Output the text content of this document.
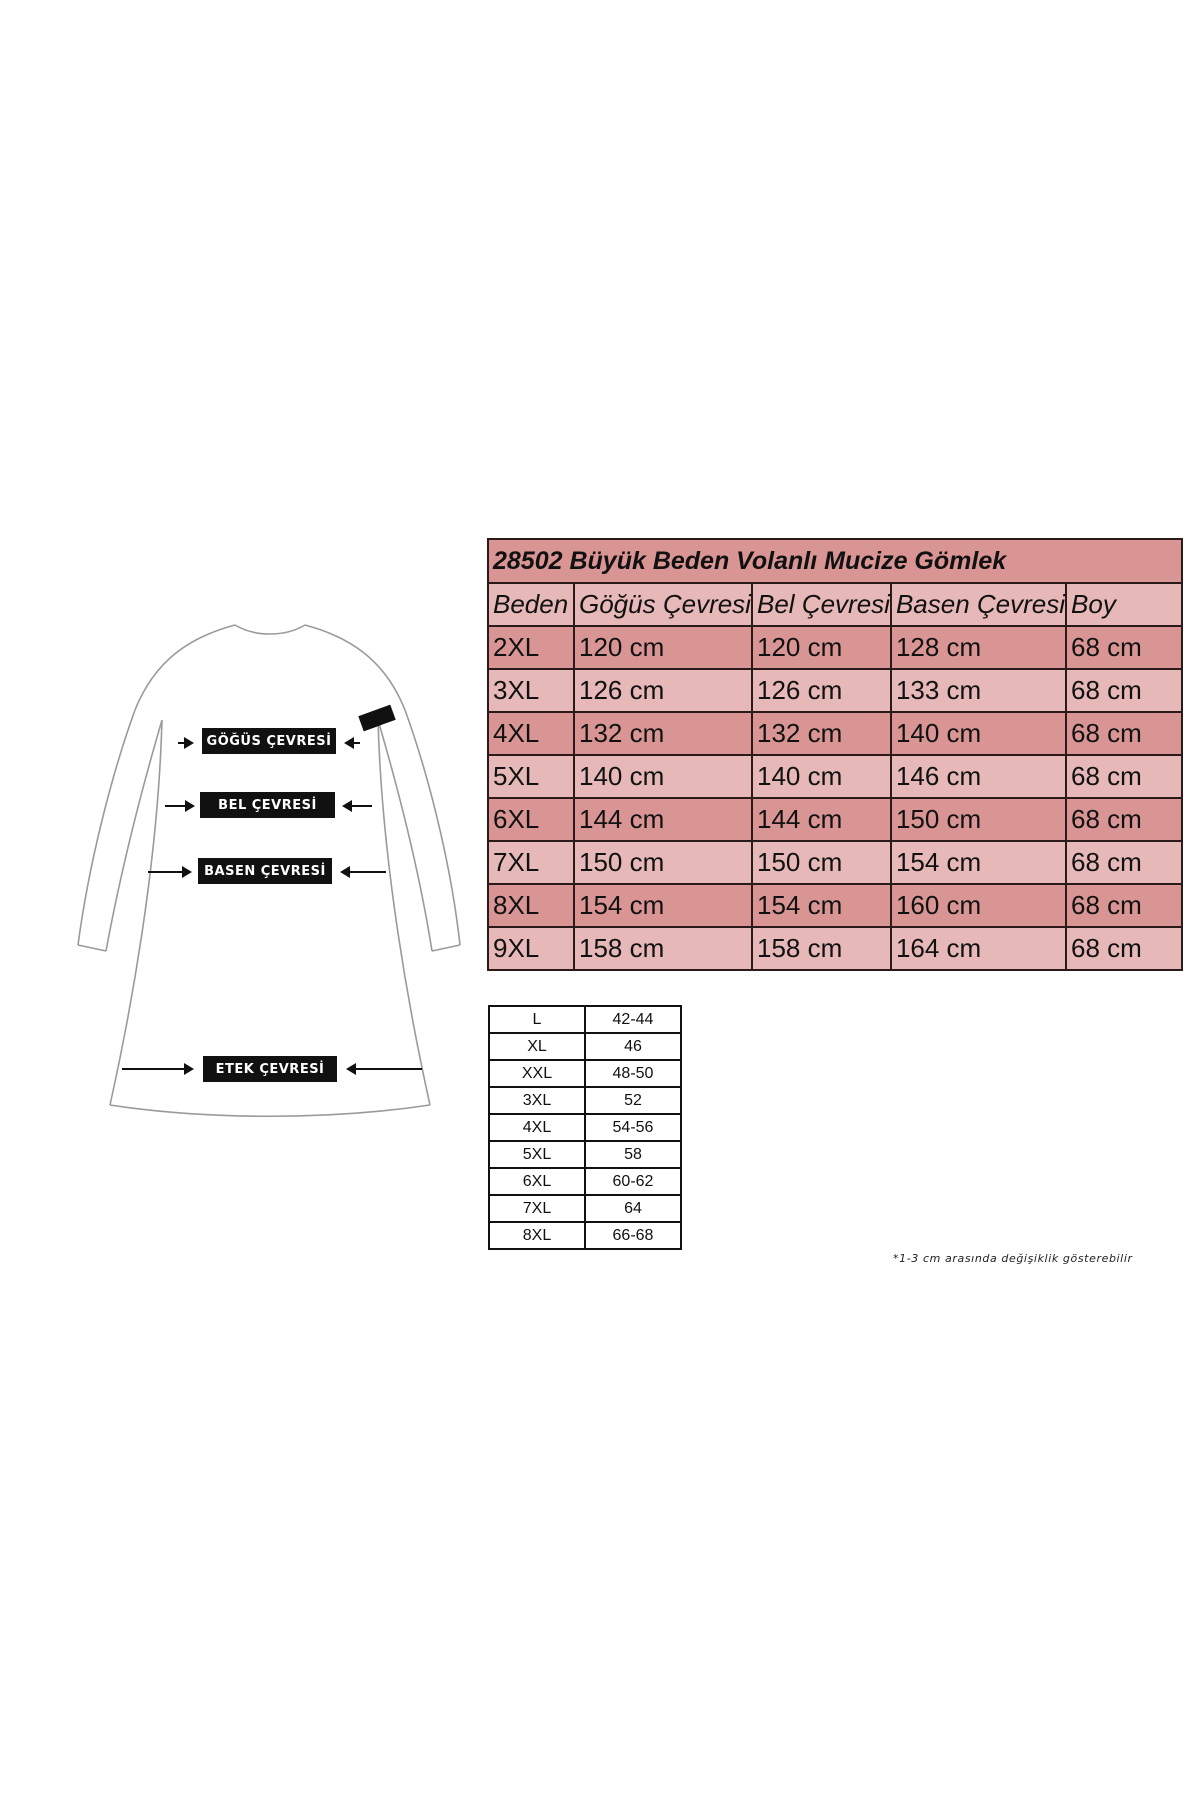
GÖĞÜS ÇEVRESİ
BEL ÇEVRESİ
BASEN ÇEVRESİ
ETEK ÇEVRESİ
28502 Büyük Beden Volanlı Mucize Gömlek				
Beden	Göğüs Çevresi	Bel Çevresi	Basen Çevresi	Boy
2XL	120 cm	120 cm	128 cm	68 cm
3XL	126 cm	126 cm	133 cm	68 cm
4XL	132 cm	132 cm	140 cm	68 cm
5XL	140 cm	140 cm	146 cm	68 cm
6XL	144 cm	144 cm	150 cm	68 cm
7XL	150 cm	150 cm	154 cm	68 cm
8XL	154 cm	154 cm	160 cm	68 cm
9XL	158 cm	158 cm	164 cm	68 cm
L	42-44
XL	46
XXL	48-50
3XL	52
4XL	54-56
5XL	58
6XL	60-62
7XL	64
8XL	66-68
*1-3 cm arasında değişiklik gösterebilir
